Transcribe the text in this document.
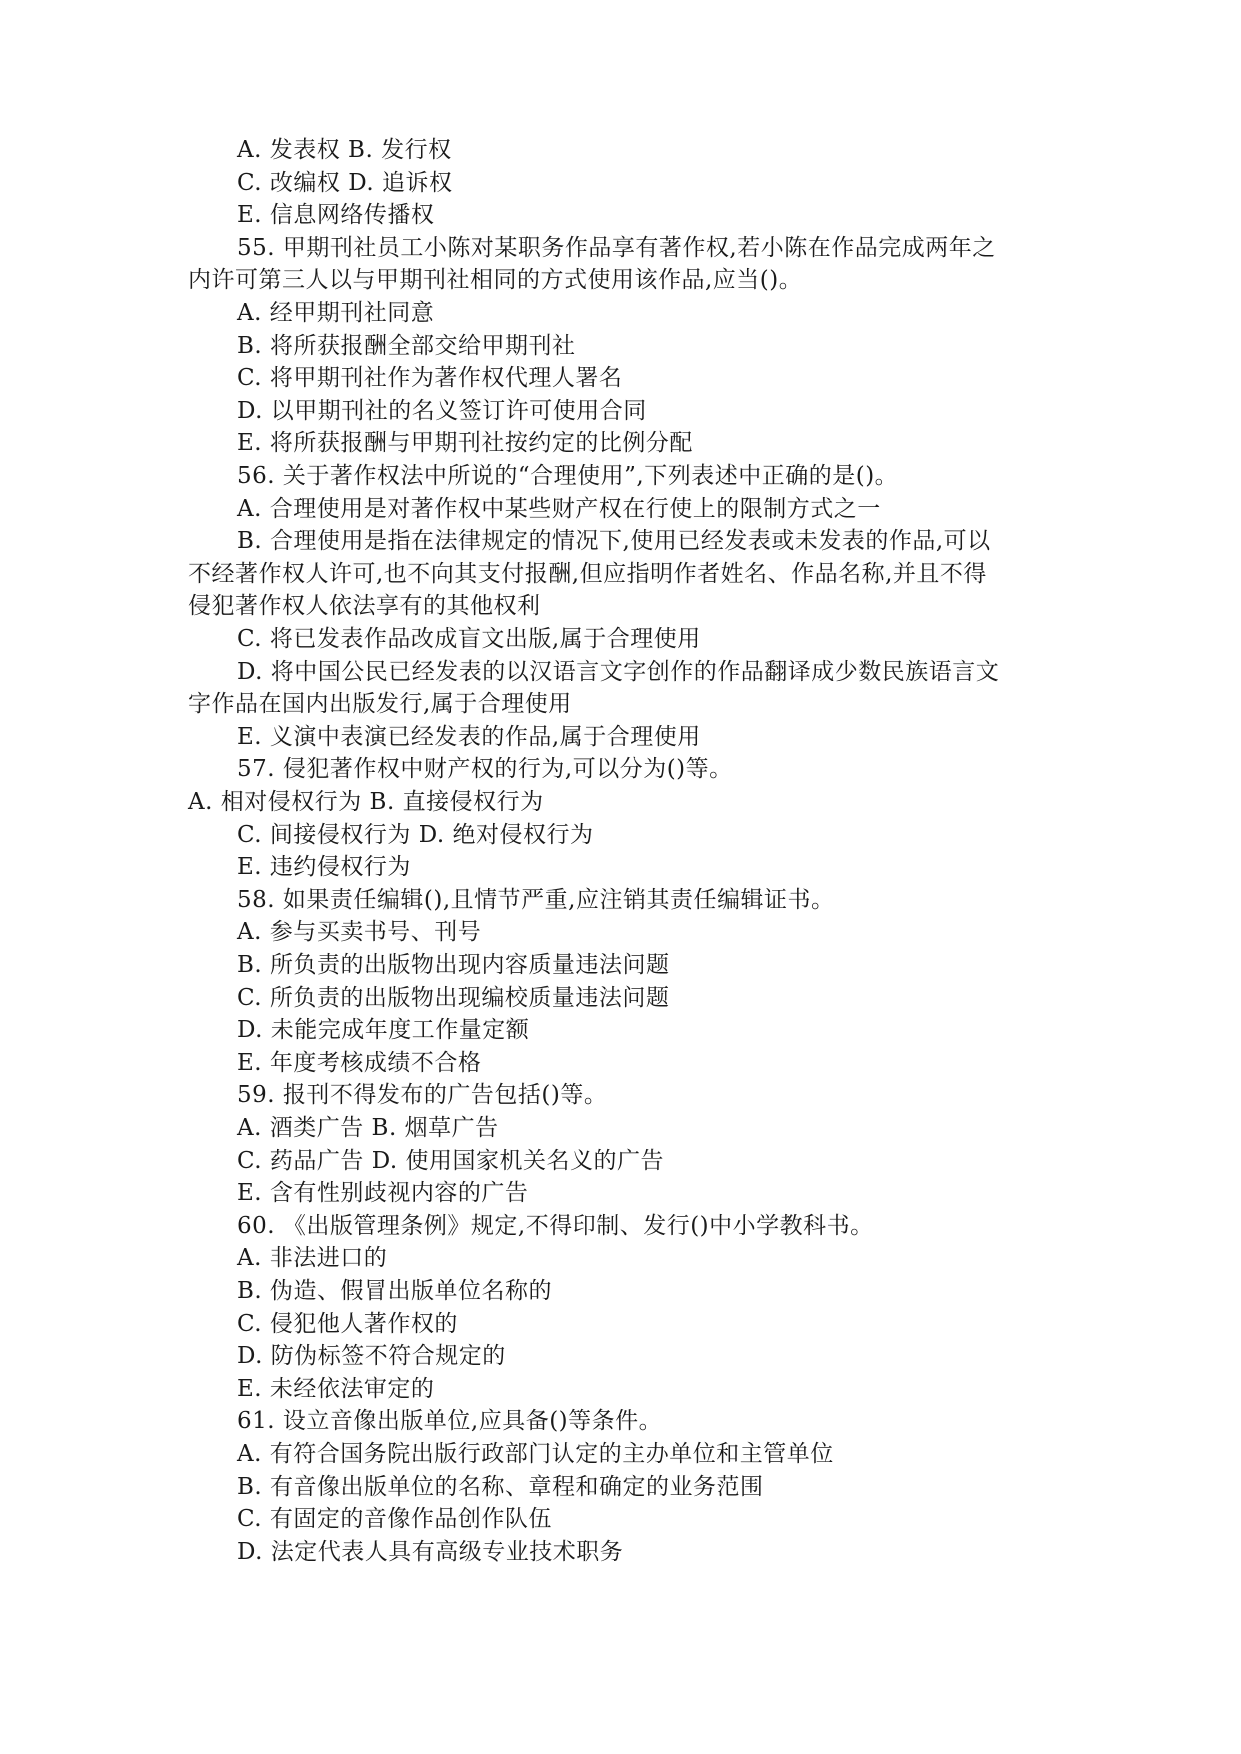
A. 发表权 B. 发行权
C. 改编权 D. 追诉权
E. 信息网络传播权
55. 甲期刊社员工小陈对某职务作品享有著作权,若小陈在作品完成两年之
内许可第三人以与甲期刊社相同的方式使用该作品,应当()。
A. 经甲期刊社同意
B. 将所获报酬全部交给甲期刊社
C. 将甲期刊社作为著作权代理人署名
D. 以甲期刊社的名义签订许可使用合同
E. 将所获报酬与甲期刊社按约定的比例分配
56. 关于著作权法中所说的“合理使用”,下列表述中正确的是()。
A. 合理使用是对著作权中某些财产权在行使上的限制方式之一
B. 合理使用是指在法律规定的情况下,使用已经发表或未发表的作品,可以
不经著作权人许可,也不向其支付报酬,但应指明作者姓名、作品名称,并且不得
侵犯著作权人依法享有的其他权利
C. 将已发表作品改成盲文出版,属于合理使用
D. 将中国公民已经发表的以汉语言文字创作的作品翻译成少数民族语言文
字作品在国内出版发行,属于合理使用
E. 义演中表演已经发表的作品,属于合理使用
57. 侵犯著作权中财产权的行为,可以分为()等。
A. 相对侵权行为 B. 直接侵权行为
C. 间接侵权行为 D. 绝对侵权行为
E. 违约侵权行为
58. 如果责任编辑(),且情节严重,应注销其责任编辑证书。
A. 参与买卖书号、刊号
B. 所负责的出版物出现内容质量违法问题
C. 所负责的出版物出现编校质量违法问题
D. 未能完成年度工作量定额
E. 年度考核成绩不合格
59. 报刊不得发布的广告包括()等。
A. 酒类广告 B. 烟草广告
C. 药品广告 D. 使用国家机关名义的广告
E. 含有性别歧视内容的广告
60. 《出版管理条例》规定,不得印制、发行()中小学教科书。
A. 非法进口的
B. 伪造、假冒出版单位名称的
C. 侵犯他人著作权的
D. 防伪标签不符合规定的
E. 未经依法审定的
61. 设立音像出版单位,应具备()等条件。
A. 有符合国务院出版行政部门认定的主办单位和主管单位
B. 有音像出版单位的名称、章程和确定的业务范围
C. 有固定的音像作品创作队伍
D. 法定代表人具有高级专业技术职务
